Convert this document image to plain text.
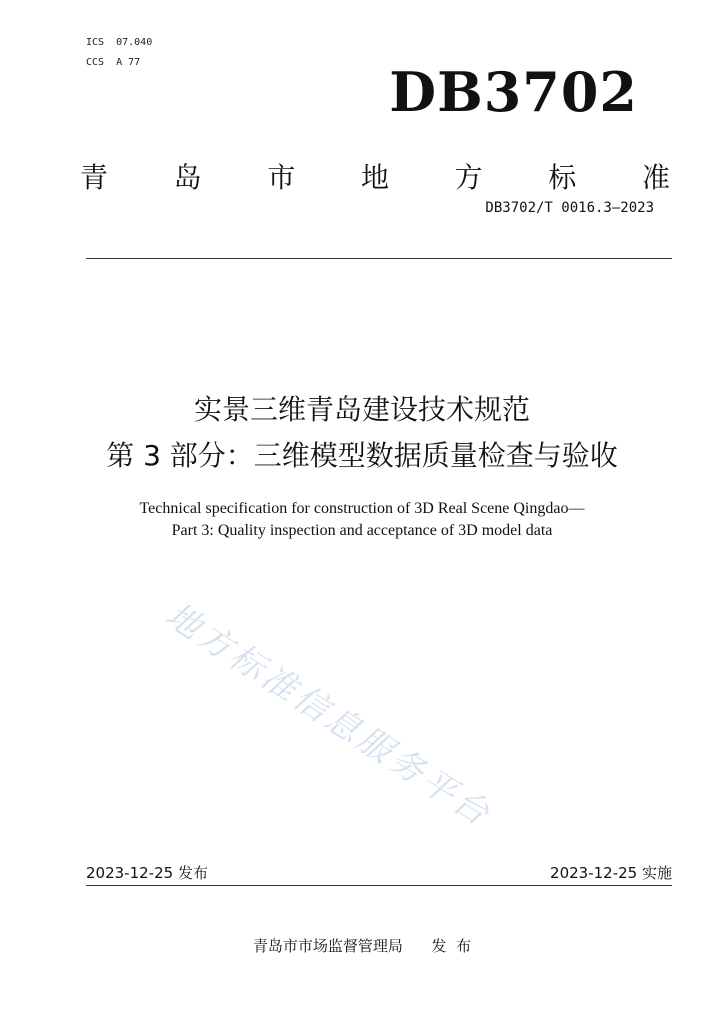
ICS  07.040
CCS  A 77	DB3702
青 岛 市 地 方 标 准
DB3702/T 0016.3—2023
实景三维青岛建设技术规范
第 3 部分：三维模型数据质量检查与验收
Technical specification for construction of 3D Real Scene Qingdao—
Part 3: Quality inspection and acceptance of 3D model data
地方标准信息服务平台
2023-12-25 发布	2023-12-25 实施
青岛市市场监督管理局      发  布
